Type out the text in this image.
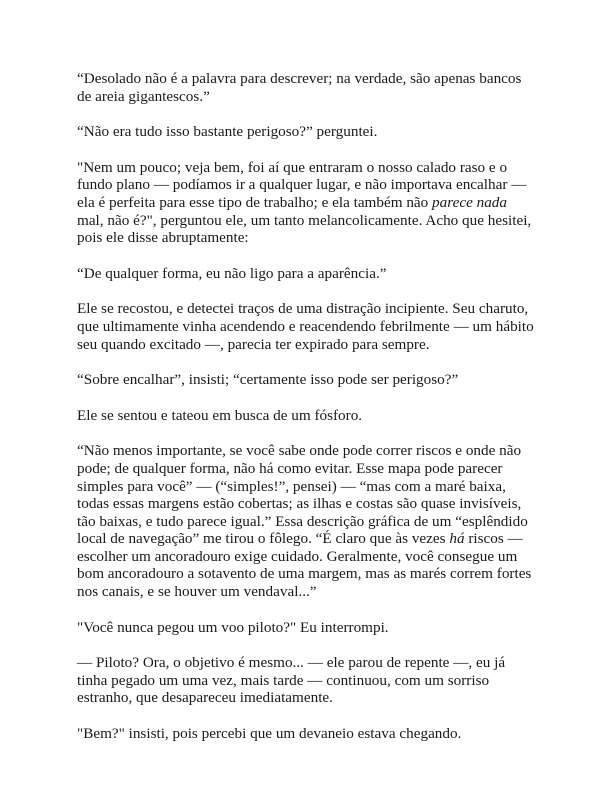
“Desolado não é a palavra para descrever; na verdade, são apenas bancos de areia gigantescos.”

“Não era tudo isso bastante perigoso?” perguntei.

"Nem um pouco; veja bem, foi aí que entraram o nosso calado raso e o fundo plano — podíamos ir a qualquer lugar, e não importava encalhar — ela é perfeita para esse tipo de trabalho; e ela também não parece nada mal, não é?", perguntou ele, um tanto melancolicamente. Acho que hesitei, pois ele disse abruptamente:

“De qualquer forma, eu não ligo para a aparência.”

Ele se recostou, e detectei traços de uma distração incipiente. Seu charuto, que ultimamente vinha acendendo e reacendendo febrilmente — um hábito seu quando excitado —, parecia ter expirado para sempre.

“Sobre encalhar”, insisti; “certamente isso pode ser perigoso?”

Ele se sentou e tateou em busca de um fósforo.

“Não menos importante, se você sabe onde pode correr riscos e onde não pode; de qualquer forma, não há como evitar. Esse mapa pode parecer simples para você” — (“simples!”, pensei) — “mas com a maré baixa, todas essas margens estão cobertas; as ilhas e costas são quase invisíveis, tão baixas, e tudo parece igual.” Essa descrição gráfica de um “esplêndido local de navegação” me tirou o fôlego. “É claro que às vezes há riscos — escolher um ancoradouro exige cuidado. Geralmente, você consegue um bom ancoradouro a sotavento de uma margem, mas as marés correm fortes nos canais, e se houver um vendaval...”

"Você nunca pegou um voo piloto?" Eu interrompi.

— Piloto? Ora, o objetivo é mesmo... — ele parou de repente —, eu já tinha pegado um uma vez, mais tarde — continuou, com um sorriso estranho, que desapareceu imediatamente.

"Bem?" insisti, pois percebi que um devaneio estava chegando.
